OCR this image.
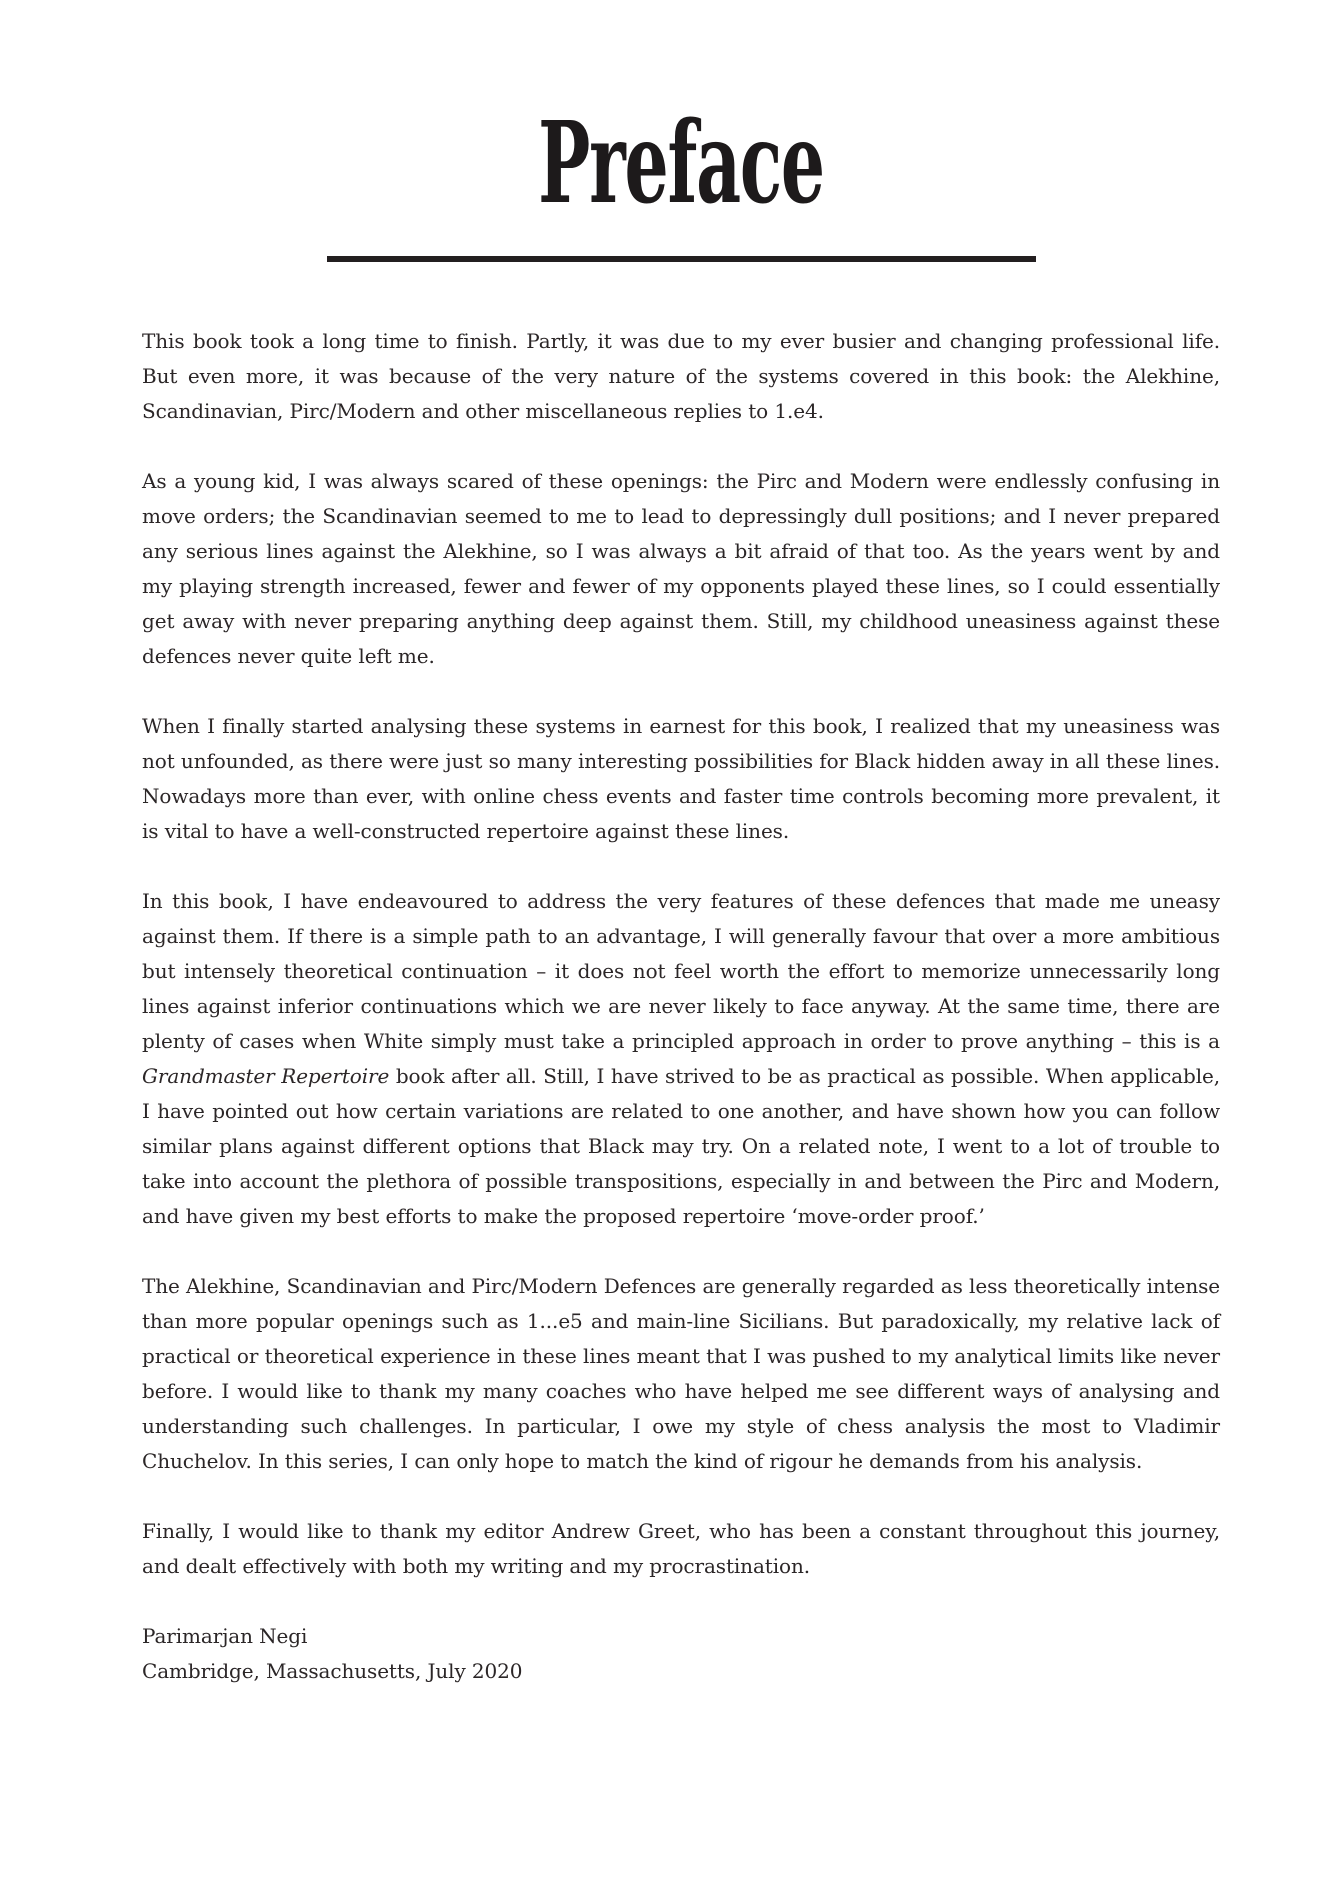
Preface

This book took a long time to finish. Partly, it was due to my ever busier and changing professional life. But even more, it was because of the very nature of the systems covered in this book: the Alekhine, Scandinavian, Pirc/Modern and other miscellaneous replies to 1.e4.

As a young kid, I was always scared of these openings: the Pirc and Modern were endlessly confusing in move orders; the Scandinavian seemed to me to lead to depressingly dull positions; and I never prepared any serious lines against the Alekhine, so I was always a bit afraid of that too. As the years went by and my playing strength increased, fewer and fewer of my opponents played these lines, so I could essentially get away with never preparing anything deep against them. Still, my childhood uneasiness against these defences never quite left me.

When I finally started analysing these systems in earnest for this book, I realized that my uneasiness was not unfounded, as there were just so many interesting possibilities for Black hidden away in all these lines. Nowadays more than ever, with online chess events and faster time controls becoming more prevalent, it is vital to have a well-constructed repertoire against these lines.

In this book, I have endeavoured to address the very features of these defences that made me uneasy against them. If there is a simple path to an advantage, I will generally favour that over a more ambitious but intensely theoretical continuation – it does not feel worth the effort to memorize unnecessarily long lines against inferior continuations which we are never likely to face anyway. At the same time, there are plenty of cases when White simply must take a principled approach in order to prove anything – this is a Grandmaster Repertoire book after all. Still, I have strived to be as practical as possible. When applicable, I have pointed out how certain variations are related to one another, and have shown how you can follow similar plans against different options that Black may try. On a related note, I went to a lot of trouble to take into account the plethora of possible transpositions, especially in and between the Pirc and Modern, and have given my best efforts to make the proposed repertoire ‘move-order proof.’

The Alekhine, Scandinavian and Pirc/Modern Defences are generally regarded as less theoretically intense than more popular openings such as 1...e5 and main-line Sicilians. But paradoxically, my relative lack of practical or theoretical experience in these lines meant that I was pushed to my analytical limits like never before. I would like to thank my many coaches who have helped me see different ways of analysing and understanding such challenges. In particular, I owe my style of chess analysis the most to Vladimir Chuchelov. In this series, I can only hope to match the kind of rigour he demands from his analysis.

Finally, I would like to thank my editor Andrew Greet, who has been a constant throughout this journey, and dealt effectively with both my writing and my procrastination.

Parimarjan Negi
Cambridge, Massachusetts, July 2020
